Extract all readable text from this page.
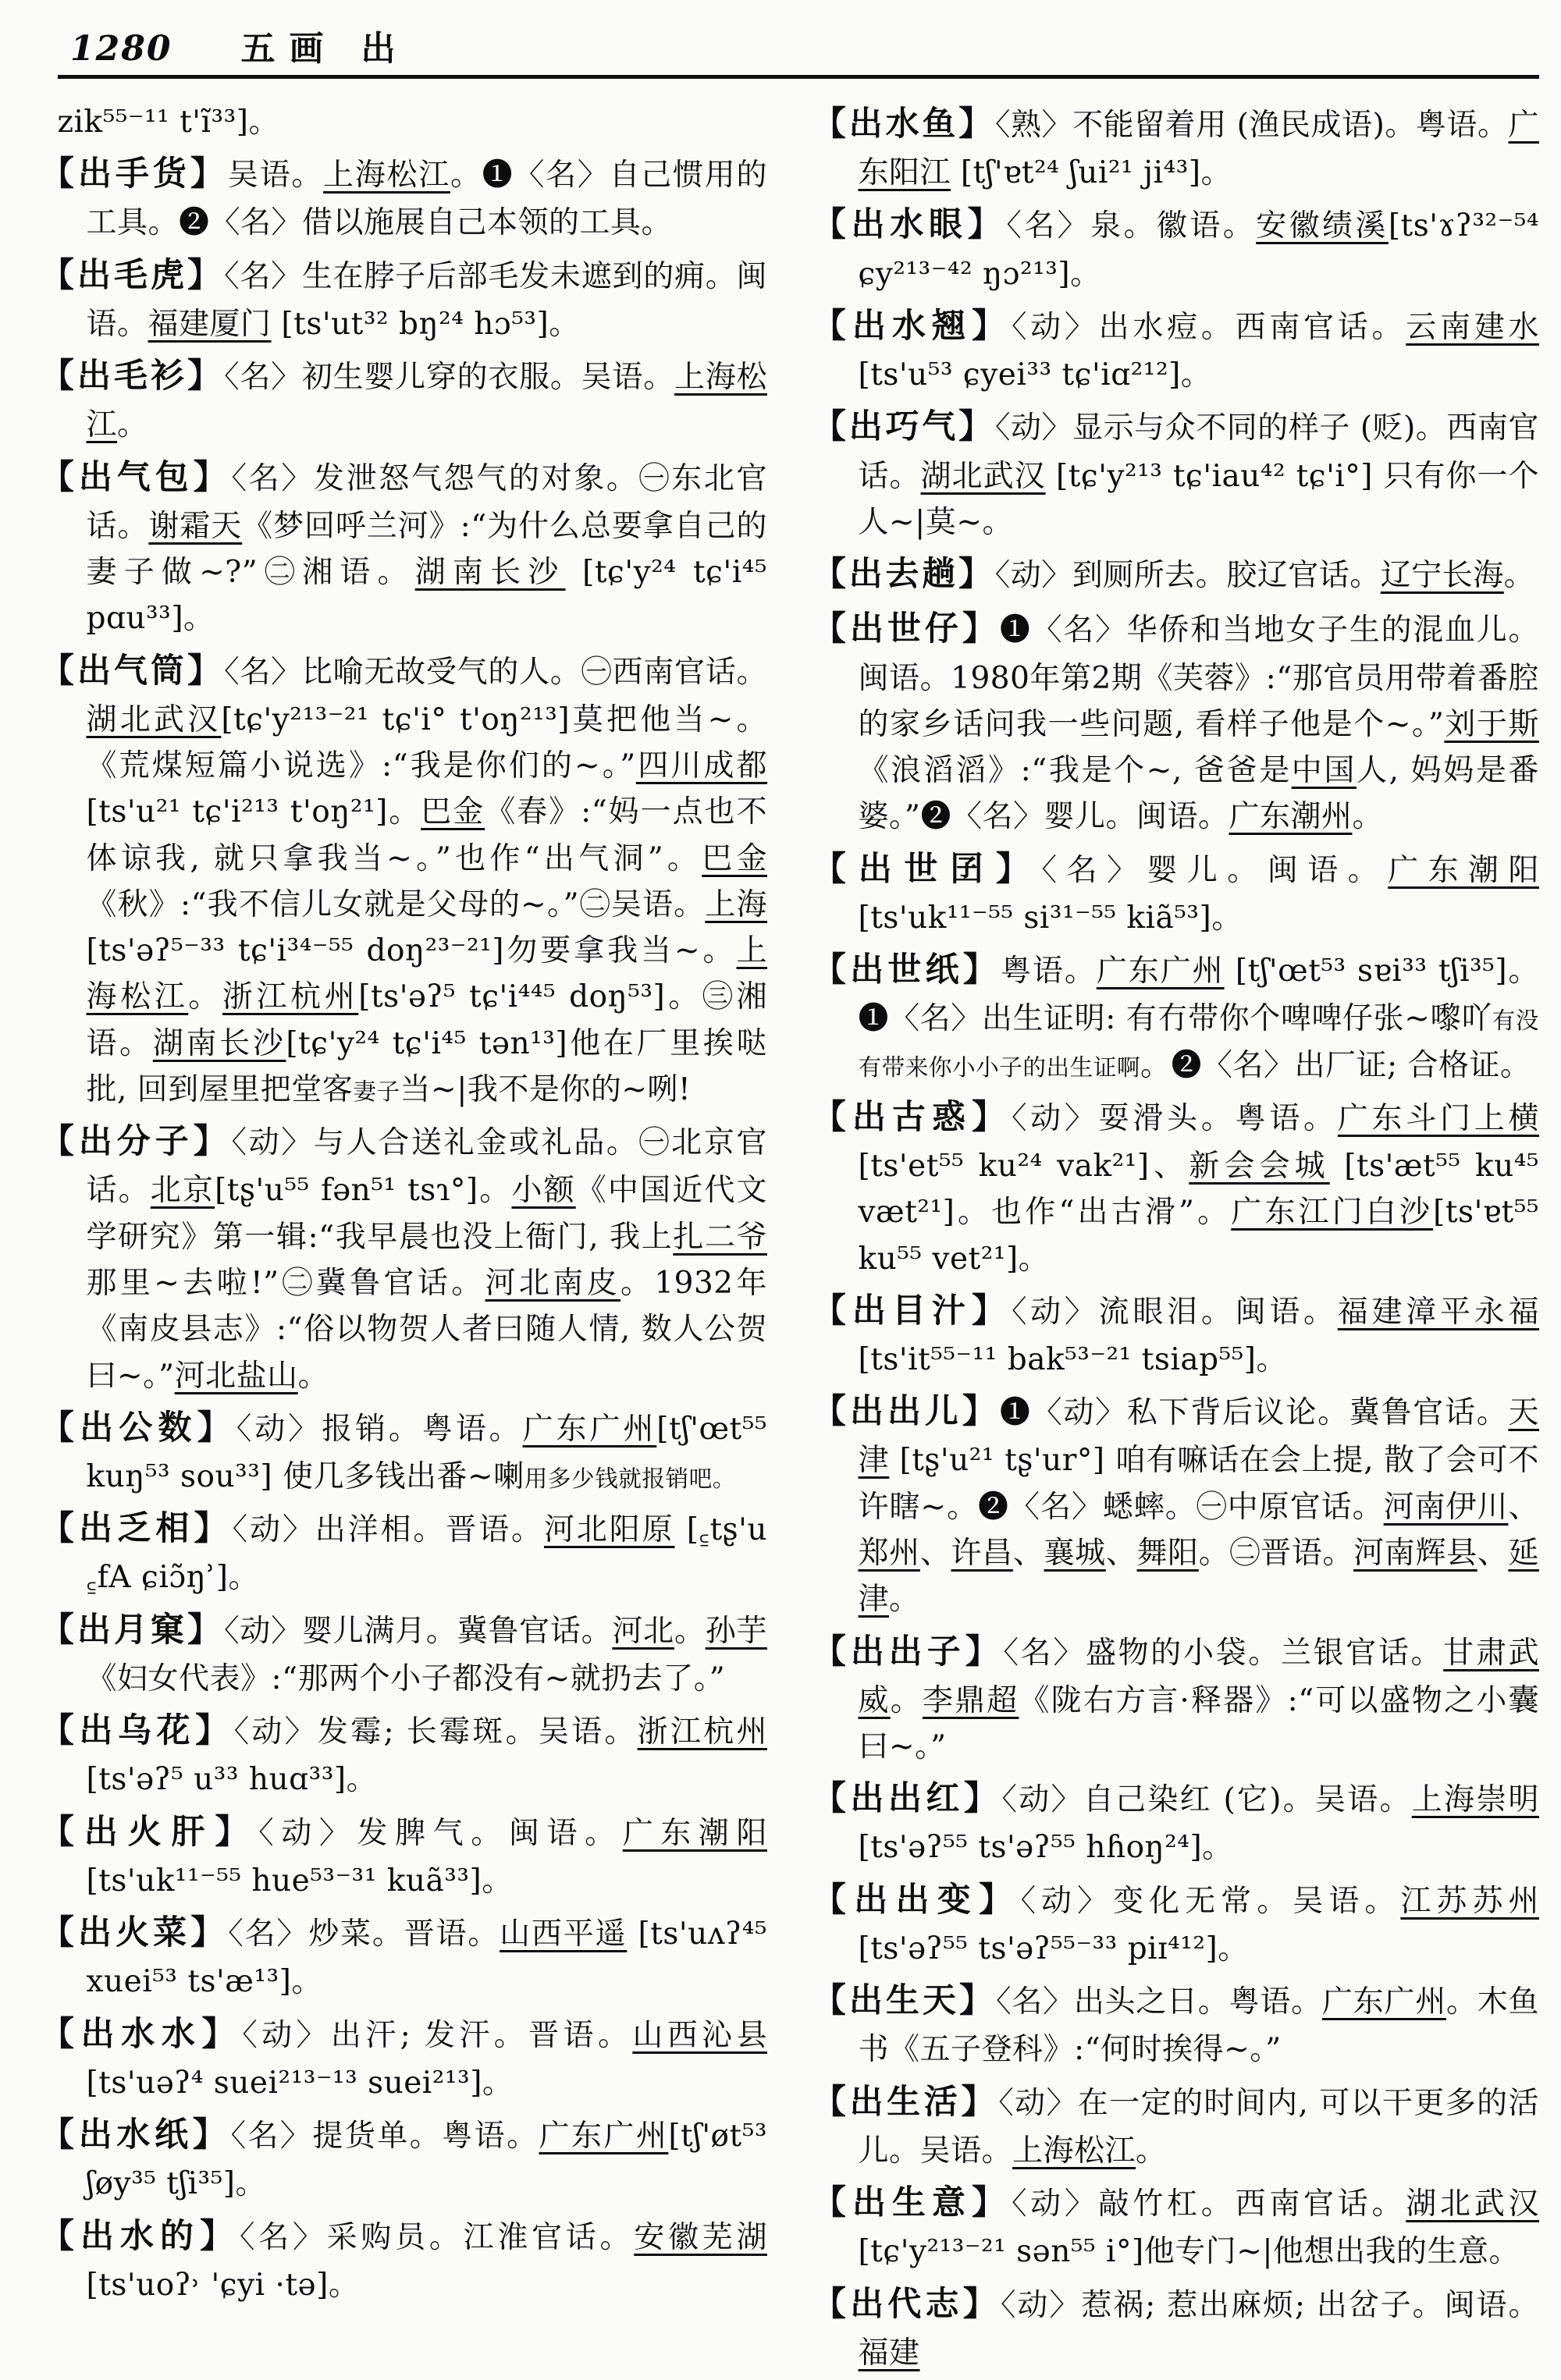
1280 五画 出
zik⁵⁵⁻¹¹ t'ĩ³³]。
【出手货】吴语。上海松江。❶〈名〉自己惯用的工具。❷〈名〉借以施展自己本领的工具。
【出毛虎】〈名〉生在脖子后部毛发未遮到的痈。闽语。福建厦门 [ts'ut³² bŋ²⁴ hɔ⁵³]。
【出毛衫】〈名〉初生婴儿穿的衣服。吴语。上海松江。
【出气包】〈名〉发泄怒气怨气的对象。㊀东北官话。谢霜天《梦回呼兰河》:“为什么总要拿自己的妻子做~?”㊁湘语。湖南长沙 [tɕ'y²⁴ tɕ'i⁴⁵ pɑu³³]。
【出气筒】〈名〉比喻无故受气的人。㊀西南官话。湖北武汉[tɕ'y²¹³⁻²¹ tɕ'i° t'oŋ²¹³]莫把他当~。《荒煤短篇小说选》:“我是你们的~。”四川成都 [ts'u²¹ tɕ'i²¹³ t'oŋ²¹]。巴金《春》:“妈一点也不体谅我, 就只拿我当~。”也作“出气洞”。巴金《秋》:“我不信儿女就是父母的~。”㊁吴语。上海 [ts'əʔ⁵⁻³³ tɕ'i³⁴⁻⁵⁵ doŋ²³⁻²¹]勿要拿我当~。上海松江。浙江杭州[ts'əʔ⁵ tɕ'i⁴⁴⁵ doŋ⁵³]。㊂湘语。湖南长沙[tɕ'y²⁴ tɕ'i⁴⁵ tən¹³]他在厂里挨哒批, 回到屋里把堂客妻子当~|我不是你的~咧!
【出分子】〈动〉与人合送礼金或礼品。㊀北京官话。北京[tʂ'u⁵⁵ fən⁵¹ tsɿ°]。小额《中国近代文学研究》第一辑:“我早晨也没上衙门, 我上扎二爷那里~去啦!”㊁冀鲁官话。河北南皮。1932年《南皮县志》:“俗以物贺人者曰随人情, 数人公贺曰~。”河北盐山。
【出公数】〈动〉报销。粤语。广东广州[tʃ'œt⁵⁵ kuŋ⁵³ sou³³] 使几多钱出番~喇用多少钱就报销吧。
【出乏相】〈动〉出洋相。晋语。河北阳原 [꜁tʂ'u ꜁fA ɕiɔ̃ŋʾ]。
【出月窠】〈动〉婴儿满月。冀鲁官话。河北。孙芋《妇女代表》:“那两个小子都没有~就扔去了。”
【出乌花】〈动〉发霉; 长霉斑。吴语。浙江杭州[ts'əʔ⁵ u³³ huɑ³³]。
【出火肝】〈动〉发脾气。闽语。广东潮阳[ts'uk¹¹⁻⁵⁵ hue⁵³⁻³¹ kuã³³]。
【出火菜】〈名〉炒菜。晋语。山西平遥 [ts'uʌʔ⁴⁵ xuei⁵³ ts'æ¹³]。
【出水水】〈动〉出汗; 发汗。晋语。山西沁县 [ts'uəʔ⁴ suei²¹³⁻¹³ suei²¹³]。
【出水纸】〈名〉提货单。粤语。广东广州[tʃ'øt⁵³ ʃøy³⁵ tʃi³⁵]。
【出水的】〈名〉采购员。江淮官话。安徽芜湖 [ts'uoʔ˒ 'ɕyi ·tə]。
【出水鱼】〈熟〉不能留着用 (渔民成语)。粤语。广东阳江 [tʃ'ɐt²⁴ ʃui²¹ ji⁴³]。
【出水眼】〈名〉泉。徽语。安徽绩溪[ts'ɤʔ³²⁻⁵⁴ ɕy²¹³⁻⁴² ŋɔ²¹³]。
【出水翘】〈动〉出水痘。西南官话。云南建水[ts'u⁵³ ɕyei³³ tɕ'iɑ²¹²]。
【出巧气】〈动〉显示与众不同的样子 (贬)。西南官话。湖北武汉 [tɕ'y²¹³ tɕ'iau⁴² tɕ'i°] 只有你一个人~|莫~。
【出去趟】〈动〉到厕所去。胶辽官话。辽宁长海。
【出世仔】❶〈名〉华侨和当地女子生的混血儿。闽语。1980年第2期《芙蓉》:“那官员用带着番腔的家乡话问我一些问题, 看样子他是个~。”刘于斯《浪滔滔》:“我是个~, 爸爸是中国人, 妈妈是番婆。”❷〈名〉婴儿。闽语。广东潮州。
【出世囝】〈名〉婴儿。闽语。广东潮阳 [ts'uk¹¹⁻⁵⁵ si³¹⁻⁵⁵ kiã⁵³]。
【出世纸】粤语。广东广州 [tʃ'œt⁵³ sɐi³³ tʃi³⁵]。❶〈名〉出生证明: 有冇带你个啤啤仔张~嚟吖有没有带来你小小子的出生证啊。❷〈名〉出厂证; 合格证。
【出古惑】〈动〉耍滑头。粤语。广东斗门上横 [ts'et⁵⁵ ku²⁴ vak²¹]、新会会城 [ts'æt⁵⁵ ku⁴⁵ væt²¹]。也作“出古滑”。广东江门白沙[ts'ɐt⁵⁵ ku⁵⁵ vet²¹]。
【出目汁】〈动〉流眼泪。闽语。福建漳平永福[ts'it⁵⁵⁻¹¹ bak⁵³⁻²¹ tsiap⁵⁵]。
【出出儿】❶〈动〉私下背后议论。冀鲁官话。天津 [tʂ'u²¹ tʂ'ur°] 咱有嘛话在会上提, 散了会可不许瞎~。❷〈名〉蟋蟀。㊀中原官话。河南伊川、郑州、许昌、襄城、舞阳。㊁晋语。河南辉县、延津。
【出出子】〈名〉盛物的小袋。兰银官话。甘肃武威。李鼎超《陇右方言·释器》:“可以盛物之小囊曰~。”
【出出红】〈动〉自己染红 (它)。吴语。上海崇明 [ts'əʔ⁵⁵ ts'əʔ⁵⁵ hɦoŋ²⁴]。
【出出变】〈动〉变化无常。吴语。江苏苏州 [ts'əʔ⁵⁵ ts'əʔ⁵⁵⁻³³ piɪ⁴¹²]。
【出生天】〈名〉出头之日。粤语。广东广州。木鱼书《五子登科》:“何时挨得~。”
【出生活】〈动〉在一定的时间内, 可以干更多的活儿。吴语。上海松江。
【出生意】〈动〉敲竹杠。西南官话。湖北武汉 [tɕ'y²¹³⁻²¹ sən⁵⁵ i°]他专门~|他想出我的生意。
【出代志】〈动〉惹祸; 惹出麻烦; 出岔子。闽语。福建
